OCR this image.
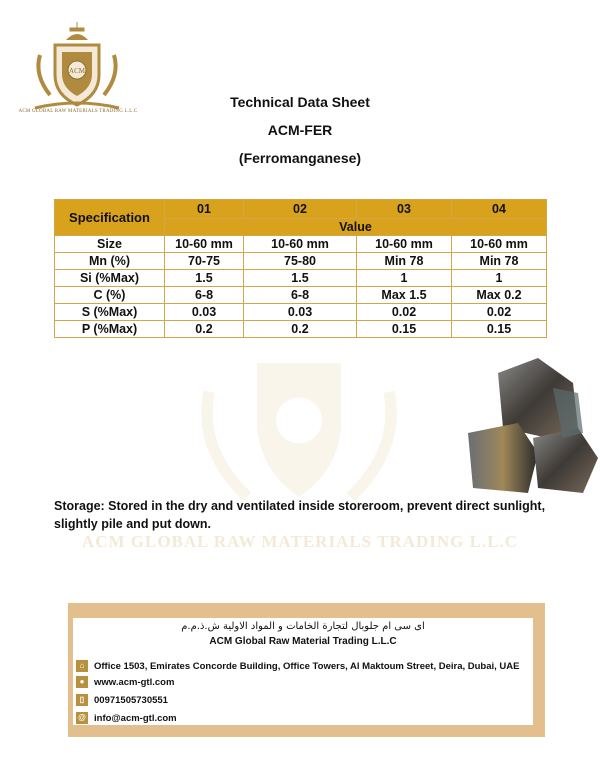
ACM
ACM GLOBAL RAW MATERIALS TRADING L.L.C
ACM GLOBAL RAW MATERIALS TRADING L.L.C
Technical Data Sheet
ACM-FER
(Ferromanganese)
Specification	01	02	03	04
	Value			
Size	10-60 mm	10-60 mm	10-60 mm	10-60 mm
Mn (%)	70-75	75-80	Min 78	Min 78
Si (%Max)	1.5	1.5	1	1
C (%)	6-8	6-8	Max 1.5	Max 0.2
S (%Max)	0.03	0.03	0.02	0.02
P (%Max)	0.2	0.2	0.15	0.15
Storage: Stored in the dry and ventilated inside storeroom, prevent direct sunlight, slightly pile and put down.
اى سى ام جلوبال لتجارة الخامات و المواد الاولية ش.ذ.م.م
ACM Global Raw Material Trading L.L.C
⌂	Office 1503, Emirates Concorde Building, Office Towers, Al Maktoum Street, Deira, Dubai, UAE
●	www.acm-gtl.com
▯	00971505730551
@ info@acm-gtl.com
